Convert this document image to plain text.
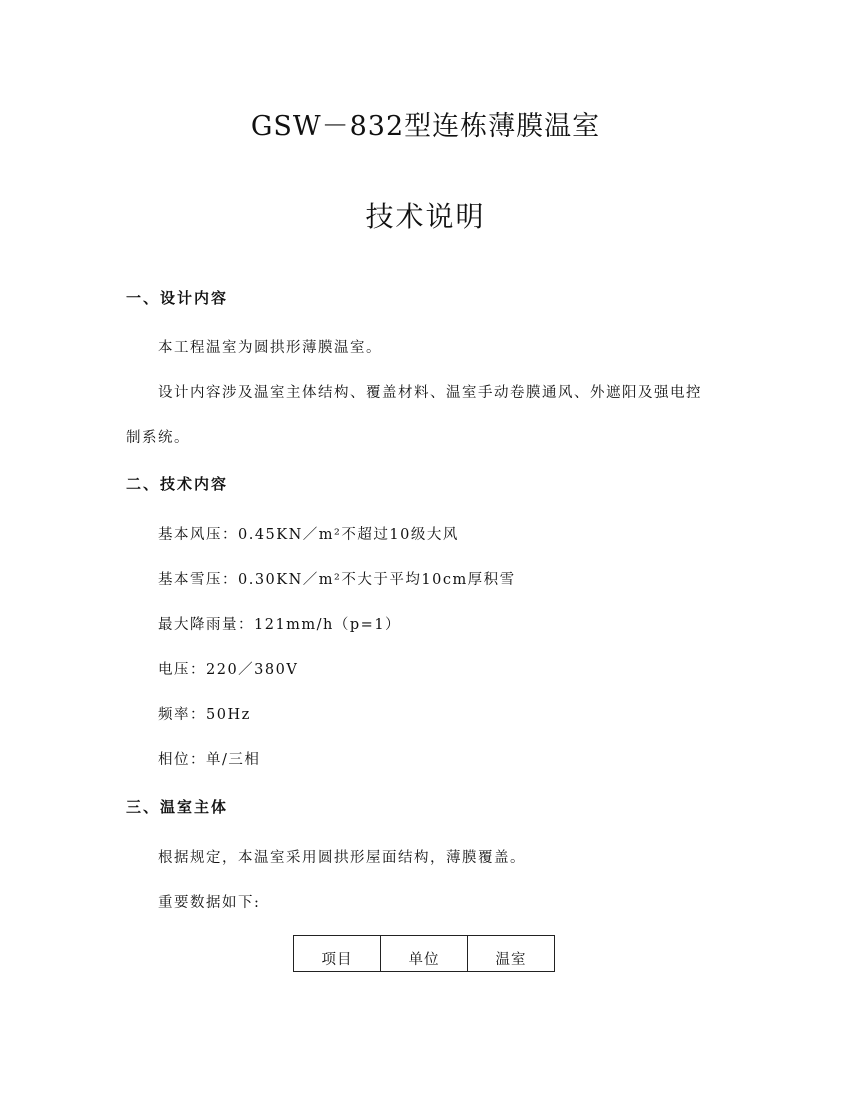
GSW－832型连栋薄膜温室
技术说明
一、设计内容
本工程温室为圆拱形薄膜温室。
设计内容涉及温室主体结构、覆盖材料、温室手动卷膜通风、外遮阳及强电控
制系统。
二、技术内容
基本风压：0.45KN／m²不超过10级大风
基本雪压：0.30KN／m²不大于平均10cm厚积雪
最大降雨量：121mm/h（p=1）
电压：220／380V
频率：50Hz
相位：单/三相
三、温室主体
根据规定，本温室采用圆拱形屋面结构，薄膜覆盖。
重要数据如下:
项目	单位	温室
